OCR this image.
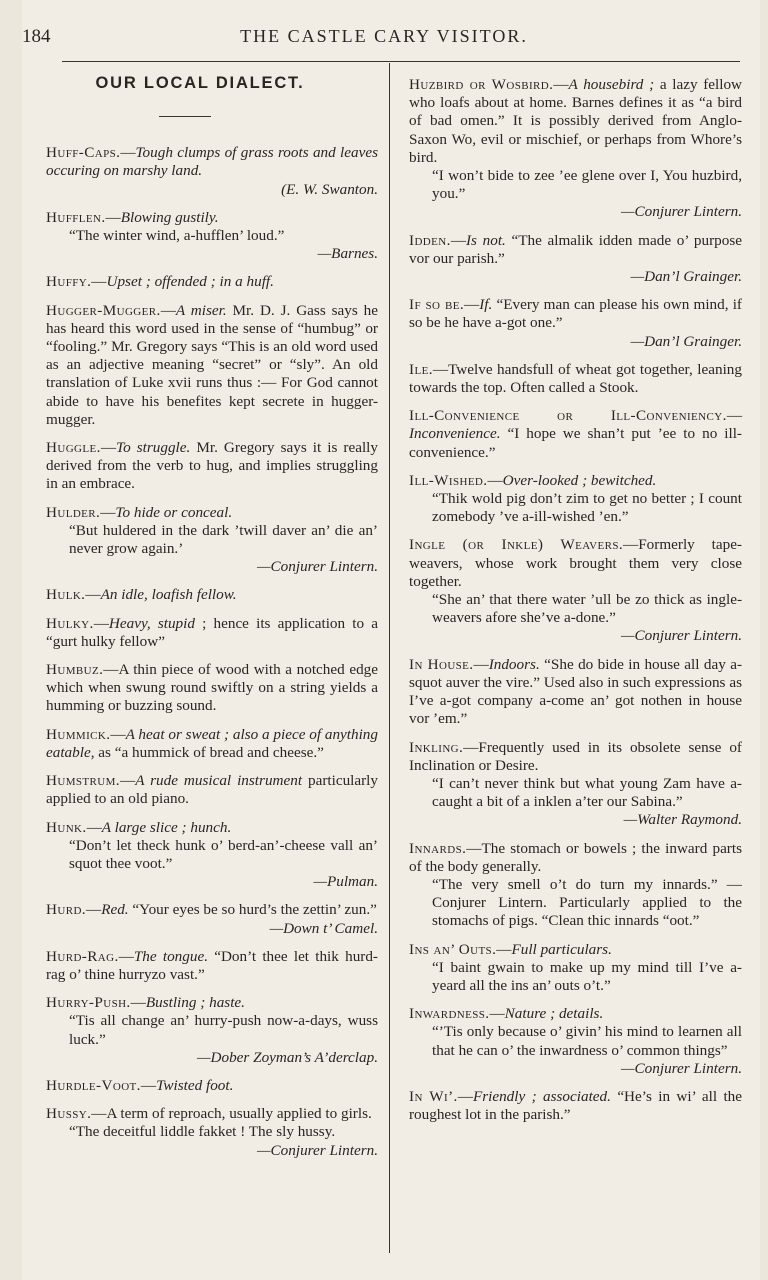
184	THE CASTLE CARY VISITOR.
OUR LOCAL DIALECT.

Huff-Caps.—Tough clumps of grass roots and leaves occuring on marshy land.

(E. W. Swanton.

Hufflen.—Blowing gustily.

“The winter wind, a-hufflen’ loud.”

—Barnes.

Huffy.—Upset ; offended ; in a huff.

Hugger-Mugger.—A miser. Mr. D. J. Gass says he has heard this word used in the sense of “humbug” or “fooling.” Mr. Gregory says “This is an old word used as an adjective meaning “secret” or “sly”. An old translation of Luke xvii runs thus :— For God cannot abide to have his benefites kept secrete in hugger-mugger.

Huggle.—To struggle. Mr. Gregory says it is really derived from the verb to hug, and implies struggling in an embrace.

Hulder.—To hide or conceal.

“But huldered in the dark ’twill daver an’ die an’ never grow again.’

—Conjurer Lintern.

Hulk.—An idle, loafish fellow.

Hulky.—Heavy, stupid ; hence its application to a “gurt hulky fellow”

Humbuz.—A thin piece of wood with a notched edge which when swung round swiftly on a string yields a humming or buzzing sound.

Hummick.—A heat or sweat ; also a piece of anything eatable, as “a hummick of bread and cheese.”

Humstrum.—A rude musical instrument particularly applied to an old piano.

Hunk.—A large slice ; hunch.

“Don’t let theck hunk o’ berd-an’-cheese vall an’ squot thee voot.”

—Pulman.

Hurd.—Red. “Your eyes be so hurd’s the zettin’ zun.”

—Down t’ Camel.

Hurd-Rag.—The tongue. “Don’t thee let thik hurd-rag o’ thine hurryzo vast.”

Hurry-Push.—Bustling ; haste.

“Tis all change an’ hurry-push now-a-days, wuss luck.”

—Dober Zoyman’s A’derclap.

Hurdle-Voot.—Twisted foot.

Hussy.—A term of reproach, usually applied to girls.

“The deceitful liddle fakket ! The sly hussy.

—Conjurer Lintern.

Huzbird or Wosbird.—A housebird ; a lazy fellow who loafs about at home. Barnes defines it as “a bird of bad omen.” It is possibly derived from Anglo-Saxon Wo, evil or mischief, or perhaps from Whore’s bird.

“I won’t bide to zee ’ee glene over I, You huzbird, you.”

—Conjurer Lintern.

Idden.—Is not. “The almalik idden made o’ purpose vor our parish.”

—Dan’l Grainger.

If so be.—If. “Every man can please his own mind, if so be he have a-got one.”

—Dan’l Grainger.

Ile.—Twelve handsfull of wheat got together, leaning towards the top. Often called a Stook.

Ill-Convenience or Ill-Conveniency.—Inconvenience. “I hope we shan’t put ’ee to no ill-convenience.”

Ill-Wished.—Over-looked ; bewitched.

“Thik wold pig don’t zim to get no better ; I count zomebody ’ve a-ill-wished ’en.”

Ingle (or Inkle) Weavers.—Formerly tape-weavers, whose work brought them very close together.

“She an’ that there water ’ull be zo thick as ingle-weavers afore she’ve a-done.”

—Conjurer Lintern.

In House.—Indoors. “She do bide in house all day a-squot auver the vire.” Used also in such expressions as I’ve a-got company a-come an’ got nothen in house vor ’em.”

Inkling.—Frequently used in its obsolete sense of Inclination or Desire.

“I can’t never think but what young Zam have a-caught a bit of a inklen a’ter our Sabina.”

—Walter Raymond.

Innards.—The stomach or bowels ; the inward parts of the body generally.

“The very smell o’t do turn my innards.” —Conjurer Lintern. Particularly applied to the stomachs of pigs. “Clean thic innards “oot.”

Ins an’ Outs.—Full particulars.

“I baint gwain to make up my mind till I’ve a-yeard all the ins an’ outs o’t.”

Inwardness.—Nature ; details.

“’Tis only because o’ givin’ his mind to learnen all that he can o’ the inwardness o’ common things”

—Conjurer Lintern.

In Wi’.—Friendly ; associated. “He’s in wi’ all the roughest lot in the parish.”
